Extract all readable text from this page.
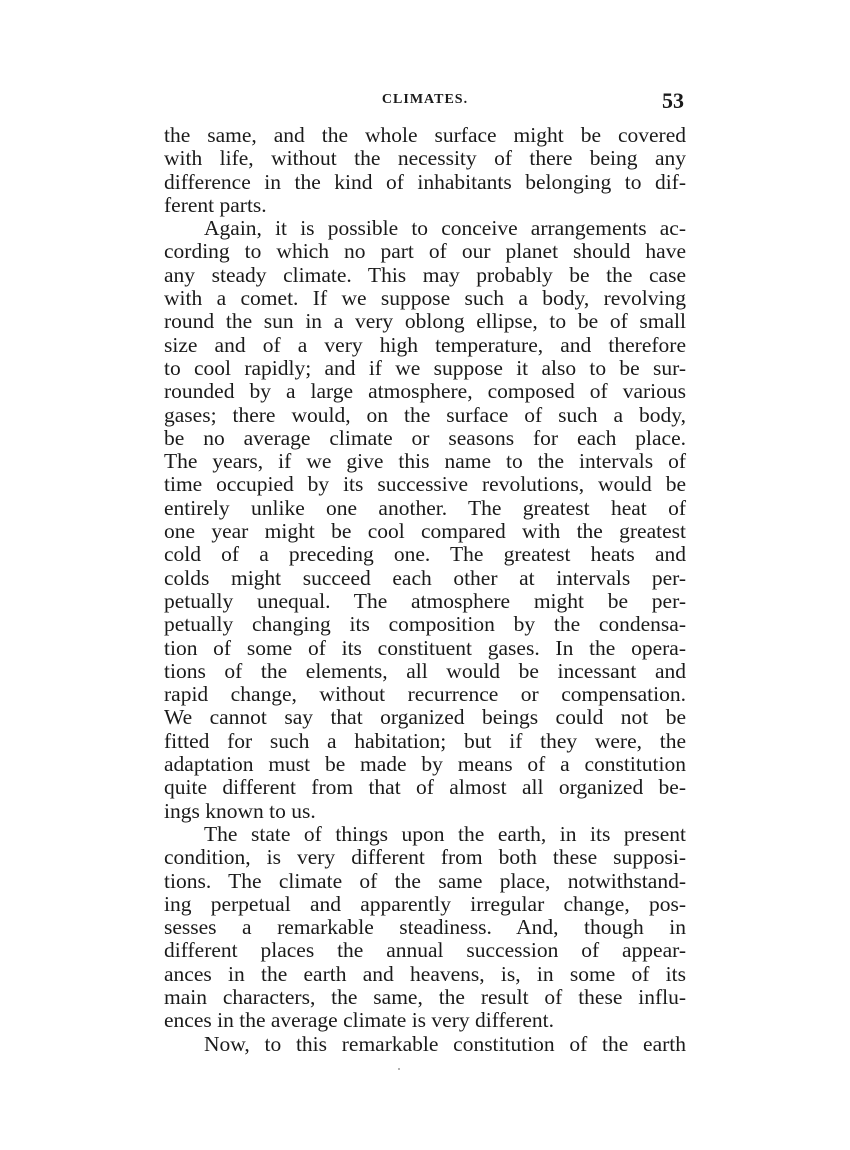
CLIMATES.	53
the same, and the whole surface might be covered
with life, without the necessity of there being any
difference in the kind of inhabitants belonging to dif-
ferent parts.
Again, it is possible to conceive arrangements ac-
cording to which no part of our planet should have
any steady climate. This may probably be the case
with a comet. If we suppose such a body, revolving
round the sun in a very oblong ellipse, to be of small
size and of a very high temperature, and therefore
to cool rapidly; and if we suppose it also to be sur-
rounded by a large atmosphere, composed of various
gases; there would, on the surface of such a body,
be no average climate or seasons for each place.
The years, if we give this name to the intervals of
time occupied by its successive revolutions, would be
entirely unlike one another. The greatest heat of
one year might be cool compared with the greatest
cold of a preceding one. The greatest heats and
colds might succeed each other at intervals per-
petually unequal. The atmosphere might be per-
petually changing its composition by the condensa-
tion of some of its constituent gases. In the opera-
tions of the elements, all would be incessant and
rapid change, without recurrence or compensation.
We cannot say that organized beings could not be
fitted for such a habitation; but if they were, the
adaptation must be made by means of a constitution
quite different from that of almost all organized be-
ings known to us.
The state of things upon the earth, in its present
condition, is very different from both these supposi-
tions. The climate of the same place, notwithstand-
ing perpetual and apparently irregular change, pos-
sesses a remarkable steadiness. And, though in
different places the annual succession of appear-
ances in the earth and heavens, is, in some of its
main characters, the same, the result of these influ-
ences in the average climate is very different.
Now, to this remarkable constitution of the earth
